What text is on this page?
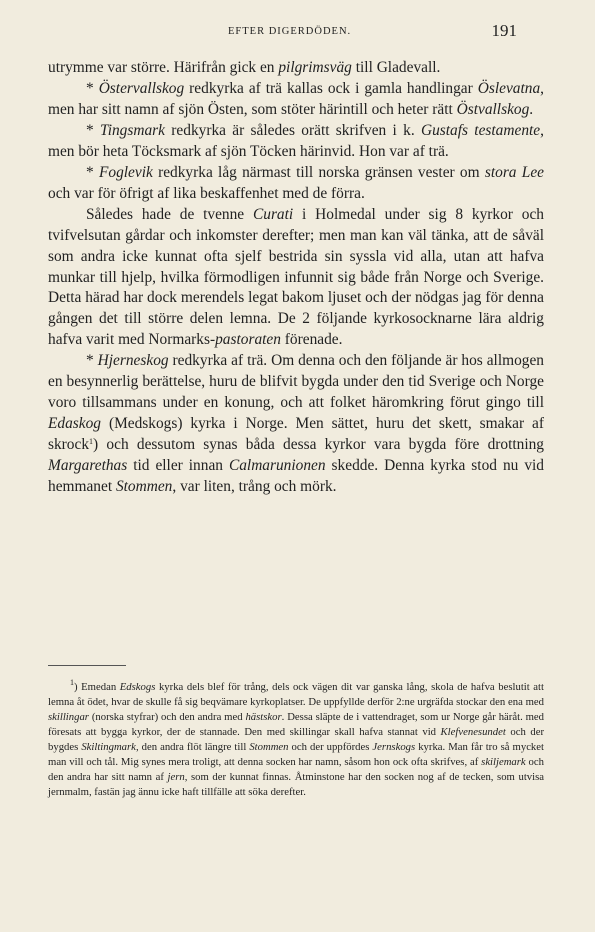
EFTER DIGERDÖDEN.	191

utrymme var större. Härifrån gick en pilgrimsväg till Gladevall.

* Östervallskog redkyrka af trä kallas ock i gamla handlingar Öslevatna, men har sitt namn af sjön Östen, som stöter härintill och heter rätt Östvallskog.

* Tingsmark redkyrka är således orätt skrifven i k. Gustafs testamente, men bör heta Töcksmark af sjön Töcken härinvid. Hon var af trä.

* Foglevik redkyrka låg närmast till norska gränsen vester om stora Lee och var för öfrigt af lika beskaffenhet med de förra.

Således hade de tvenne Curati i Holmedal under sig 8 kyrkor och tvifvelsutan gårdar och inkomster derefter; men man kan väl tänka, att de såväl som andra icke kunnat ofta sjelf bestrida sin syssla vid alla, utan att hafva munkar till hjelp, hvilka förmodligen infunnit sig både från Norge och Sverige. Detta härad har dock merendels legat bakom ljuset och der nödgas jag för denna gången det till större delen lemna. De 2 följande kyrkosocknarne lära aldrig hafva varit med Normarks-pastoraten förenade.

* Hjerneskog redkyrka af trä. Om denna och den följande är hos allmogen en besynnerlig berättelse, huru de blifvit bygda under den tid Sverige och Norge voro tillsammans under en konung, och att folket häromkring förut gingo till Edaskog (Medskogs) kyrka i Norge. Men sättet, huru det skett, smakar af skrock$^1$) och dessutom synas båda dessa kyrkor vara bygda före drottning Margarethas tid eller innan Calmarunionen skedde. Denna kyrka stod nu vid hemmanet Stommen, var liten, trång och mörk.

$^1$) Emedan Edskogs kyrka dels blef för trång, dels ock vägen dit var ganska lång, skola de hafva beslutit att lemna åt ödet, hvar de skulle få sig beqvämare kyrkoplatser. De uppfyllde derför 2:ne urgräfda stockar den ena med skillingar (norska styfrar) och den andra med hästskor. Dessa släpte de i vattendraget, som ur Norge går häråt. med föresats att bygga kyrkor, der de stannade. Den med skillingar skall hafva stannat vid Klefvenesundet och der bygdes Skiltingmark, den andra flöt längre till Stommen och der uppfördes Jernskogs kyrka. Man får tro så mycket man vill och tål. Mig synes mera troligt, att denna socken har namn, såsom hon ock ofta skrifves, af skiljemark och den andra har sitt namn af jern, som der kunnat finnas. Åtminstone har den socken nog af de tecken, som utvisa jernmalm, fastän jag ännu icke haft tillfälle att söka derefter.
